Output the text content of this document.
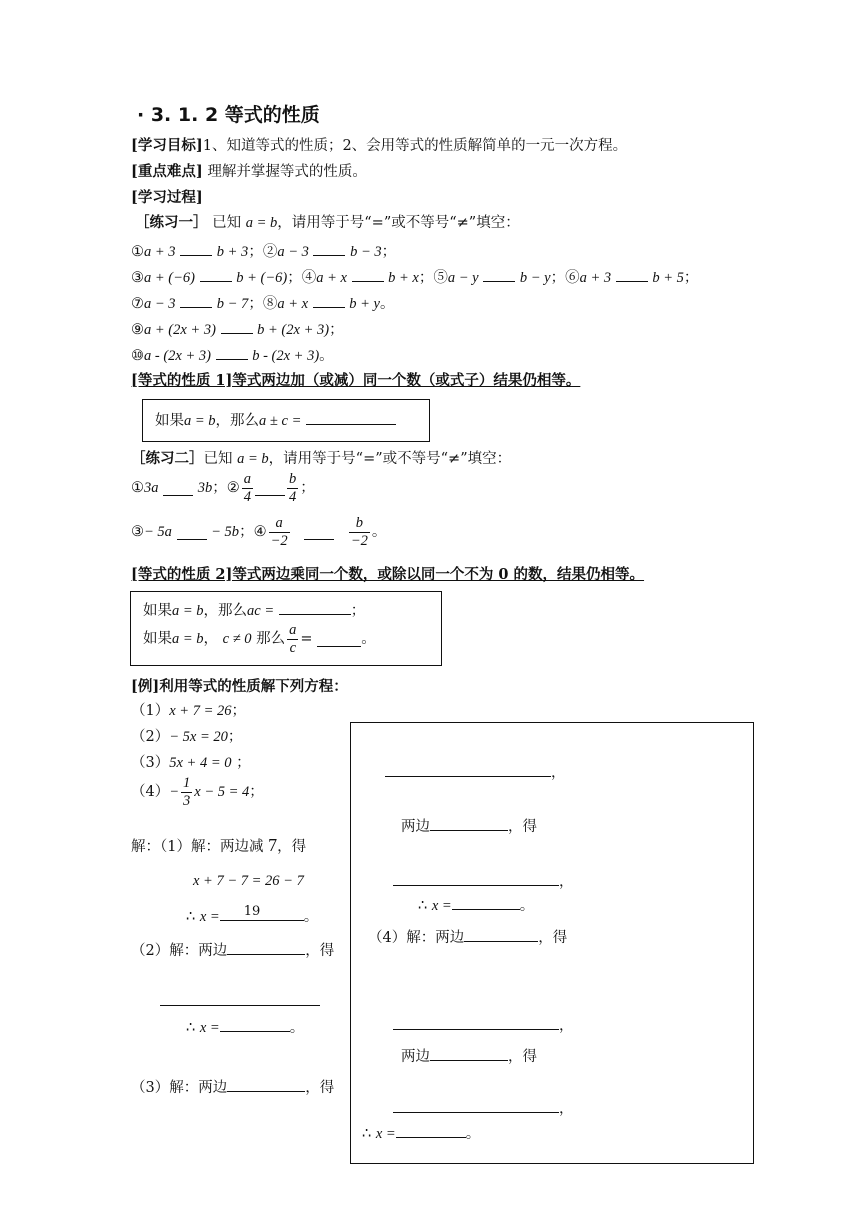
· 3. 1. 2 等式的性质
[学习目标]1、知道等式的性质；2、会用等式的性质解简单的一元一次方程。
[重点难点] 理解并掌握等式的性质。
[学习过程]
［练习一］ 已知 a = b，请用等于号“=”或不等号“≠”填空：
①a + 3	b + 3；②a − 3	b − 3；
③a + (−6)	b + (−6)；④a + x	b + x；⑤a − y	b − y；⑥a + 3	b + 5；
⑦a − 3	b − 7；⑧a + x	b + y。
⑨a + (2x + 3)	b + (2x + 3)；
⑩a - (2x + 3)	b - (2x + 3)。
[等式的性质 1]等式两边加（或减）同一个数（或式子）结果仍相等。
如果a = b，那么a ± c =
［练习二］已知 a = b，请用等于号“=”或不等号“≠”填空：
①3a	3b；② $\frac{a}{4} \frac{b}{4}$ ；
③− 5a	− 5b；④ $\frac{a}{-2}$
	$\frac{b}{-2}$ 。
[等式的性质 2]等式两边乘同一个数，或除以同一个不为 0 的数，结果仍相等。
如果a = b，那么ac =	；
如果a = b， c ≠ 0 那么 $\frac{a}{c}$ =	。
[例]利用等式的性质解下列方程：
（1）x + 7 = 26；
（2）− 5x = 20；
（3）5x + 4 = 0 ；
$(4)- \frac{1}{3}$ x − 5 = 4；
解：（1）解：两边减 7，得
x + 7 − 7 = 26 − 7
∴ x = 19	。
（2）解：两边	，得
∴ x =	。
（3）解：两边	，得
，
两边	，得
，
∴ x =	。
（4）解：两边	，得
，
两边	，得
，
∴ x =	。
